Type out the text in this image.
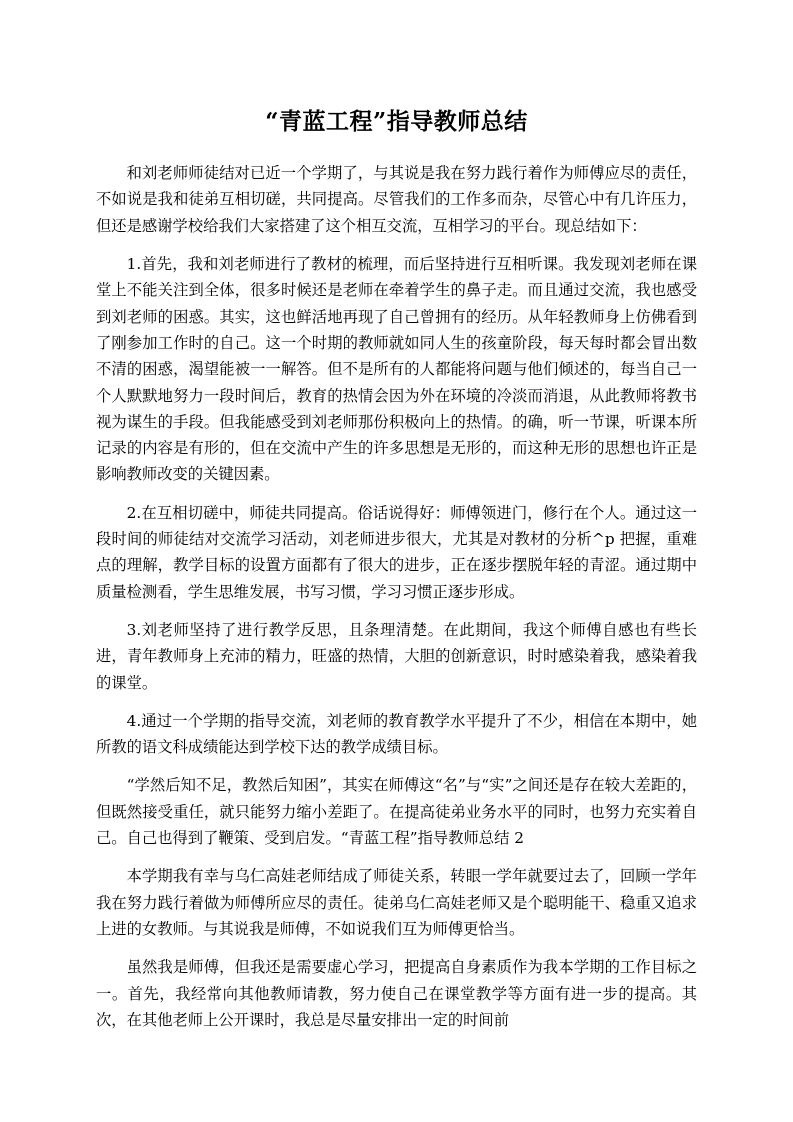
“青蓝工程”指导教师总结

和刘老师师徒结对已近一个学期了，与其说是我在努力践行着作为师傅应尽的责任，不如说是我和徒弟互相切磋，共同提高。尽管我们的工作多而杂，尽管心中有几许压力，但还是感谢学校给我们大家搭建了这个相互交流，互相学习的平台。现总结如下：

1.首先，我和刘老师进行了教材的梳理，而后坚持进行互相听课。我发现刘老师在课堂上不能关注到全体，很多时候还是老师在牵着学生的鼻子走。而且通过交流，我也感受到刘老师的困惑。其实，这也鲜活地再现了自己曾拥有的经历。从年轻教师身上仿佛看到了刚参加工作时的自己。这一个时期的教师就如同人生的孩童阶段，每天每时都会冒出数不清的困惑，渴望能被一一解答。但不是所有的人都能将问题与他们倾述的，每当自己一个人默默地努力一段时间后，教育的热情会因为外在环境的冷淡而消退，从此教师将教书视为谋生的手段。但我能感受到刘老师那份积极向上的热情。的确，听一节课，听课本所记录的内容是有形的，但在交流中产生的许多思想是无形的，而这种无形的思想也许正是影响教师改变的关键因素。

2.在互相切磋中，师徒共同提高。俗话说得好：师傅领进门，修行在个人。通过这一段时间的师徒结对交流学习活动，刘老师进步很大，尤其是对教材的分析^p 把握，重难点的理解，教学目标的设置方面都有了很大的进步，正在逐步摆脱年轻的青涩。通过期中质量检测看，学生思维发展，书写习惯，学习习惯正逐步形成。

3.刘老师坚持了进行教学反思，且条理清楚。在此期间，我这个师傅自感也有些长进，青年教师身上充沛的精力，旺盛的热情，大胆的创新意识，时时感染着我，感染着我的课堂。

4.通过一个学期的指导交流，刘老师的教育教学水平提升了不少，相信在本期中，她所教的语文科成绩能达到学校下达的教学成绩目标。

“学然后知不足，教然后知困”，其实在师傅这“名”与“实”之间还是存在较大差距的，但既然接受重任，就只能努力缩小差距了。在提高徒弟业务水平的同时，也努力充实着自己。自己也得到了鞭策、受到启发。“青蓝工程”指导教师总结 2

本学期我有幸与乌仁高娃老师结成了师徒关系，转眼一学年就要过去了，回顾一学年我在努力践行着做为师傅所应尽的责任。徒弟乌仁高娃老师又是个聪明能干、稳重又追求上进的女教师。与其说我是师傅，不如说我们互为师傅更恰当。

虽然我是师傅，但我还是需要虚心学习，把提高自身素质作为我本学期的工作目标之一。首先，我经常向其他教师请教，努力使自己在课堂教学等方面有进一步的提高。其次，在其他老师上公开课时，我总是尽量安排出一定的时间前
